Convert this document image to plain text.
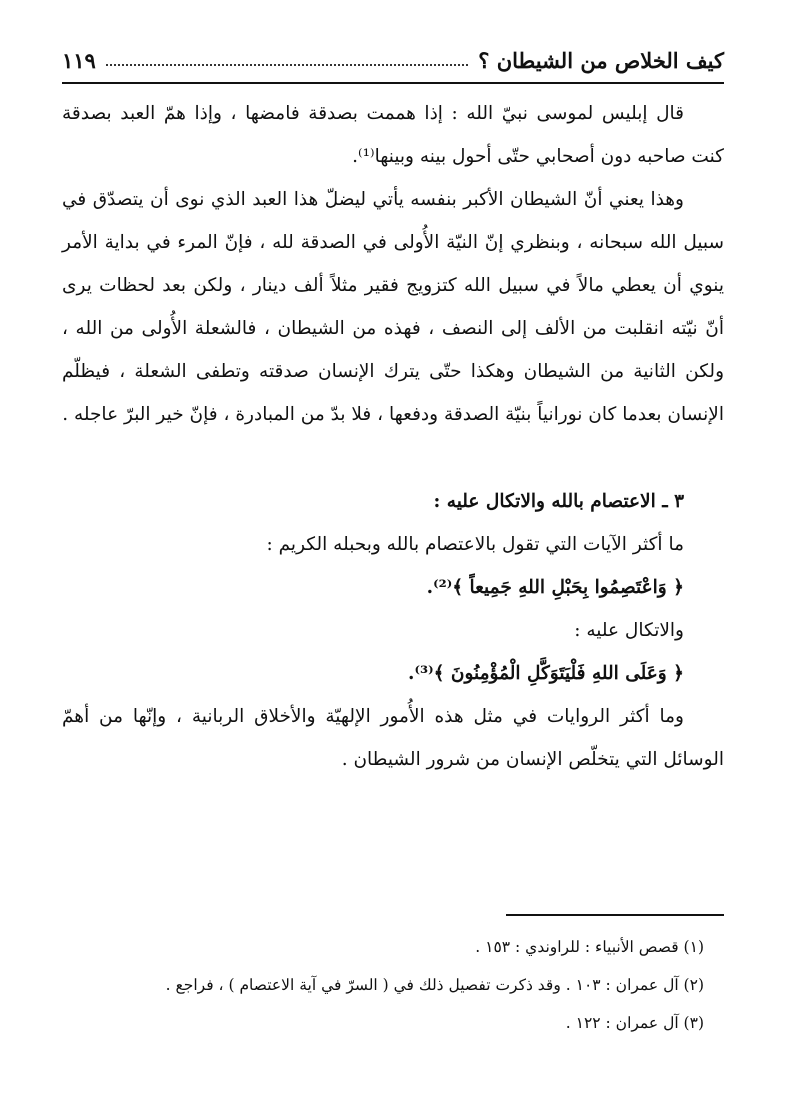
كيف الخلاص من الشيطان ؟
١١٩

قال إبليس لموسى نبيّ الله : إذا هممت بصدقة فامضها ، وإذا همّ العبد بصدقة كنت صاحبه دون أصحابي حتّى أحول بينه وبينها⁽¹⁾.

وهذا يعني أنّ الشيطان الأكبر بنفسه يأتي ليضلّ هذا العبد الذي نوى أن يتصدّق في سبيل الله سبحانه ، وبنظري إنّ النيّة الأُولى في الصدقة لله ، فإنّ المرء في بداية الأمر ينوي أن يعطي مالاً في سبيل الله كتزويج فقير مثلاً ألف دينار ، ولكن بعد لحظات يرى أنّ نيّته انقلبت من الألف إلى النصف ، فهذه من الشيطان ، فالشعلة الأُولى من الله ، ولكن الثانية من الشيطان وهكذا حتّى يترك الإنسان صدقته وتطفى الشعلة ، فيظلّم الإنسان بعدما كان نورانياً بنيّة الصدقة ودفعها ، فلا بدّ من المبادرة ، فإنّ خير البرّ عاجله .

٣ ـ الاعتصام بالله والاتكال عليه :

ما أكثر الآيات التي تقول بالاعتصام بالله وبحبله الكريم :

﴿ وَاعْتَصِمُوا بِحَبْلِ اللهِ جَمِيعاً ﴾⁽²⁾.

والاتكال عليه :

﴿ وَعَلَى اللهِ فَلْيَتَوَكَّلِ الْمُؤْمِنُونَ ﴾⁽³⁾.

وما أكثر الروايات في مثل هذه الأُمور الإلهيّة والأخلاق الربانية ، وإنّها من أهمّ الوسائل التي يتخلّص الإنسان من شرور الشيطان .

(١) قصص الأنبياء : للراوندي : ١٥٣ .

(٢) آل عمران : ١٠٣ . وقد ذكرت تفصيل ذلك في ( السرّ في آية الاعتصام ) ، فراجع .

(٣) آل عمران : ١٢٢ .
